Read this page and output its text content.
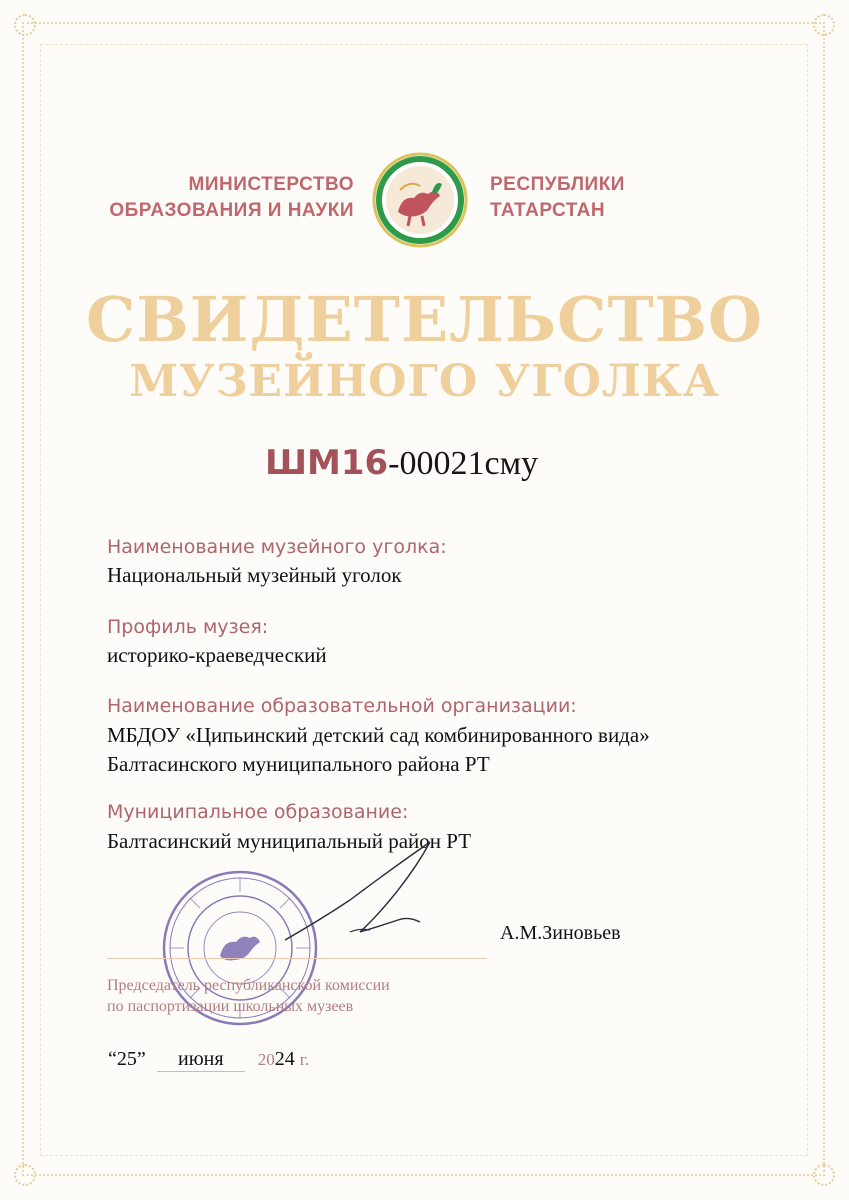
МИНИСТЕРСТВО
ОБРАЗОВАНИЯ И НАУКИ
РЕСПУБЛИКИ
ТАТАРСТАН
СВИДЕТЕЛЬСТВО
МУЗЕЙНОГО УГОЛКА
ШМ16-00021сму
Наименование музейного уголка:
Национальный музейный уголок
Профиль музея:
историко-краеведческий
Наименование образовательной организации:
МБДОУ «Ципьинский детский сад комбинированного вида»
Балтасинского муниципального района РТ
Муниципальное образование:
Балтасинский муниципальный район РТ
А.М.Зиновьев
Председатель республиканской комиссии
по паспортизации школьных музеев
“25” июня 2024 г.
